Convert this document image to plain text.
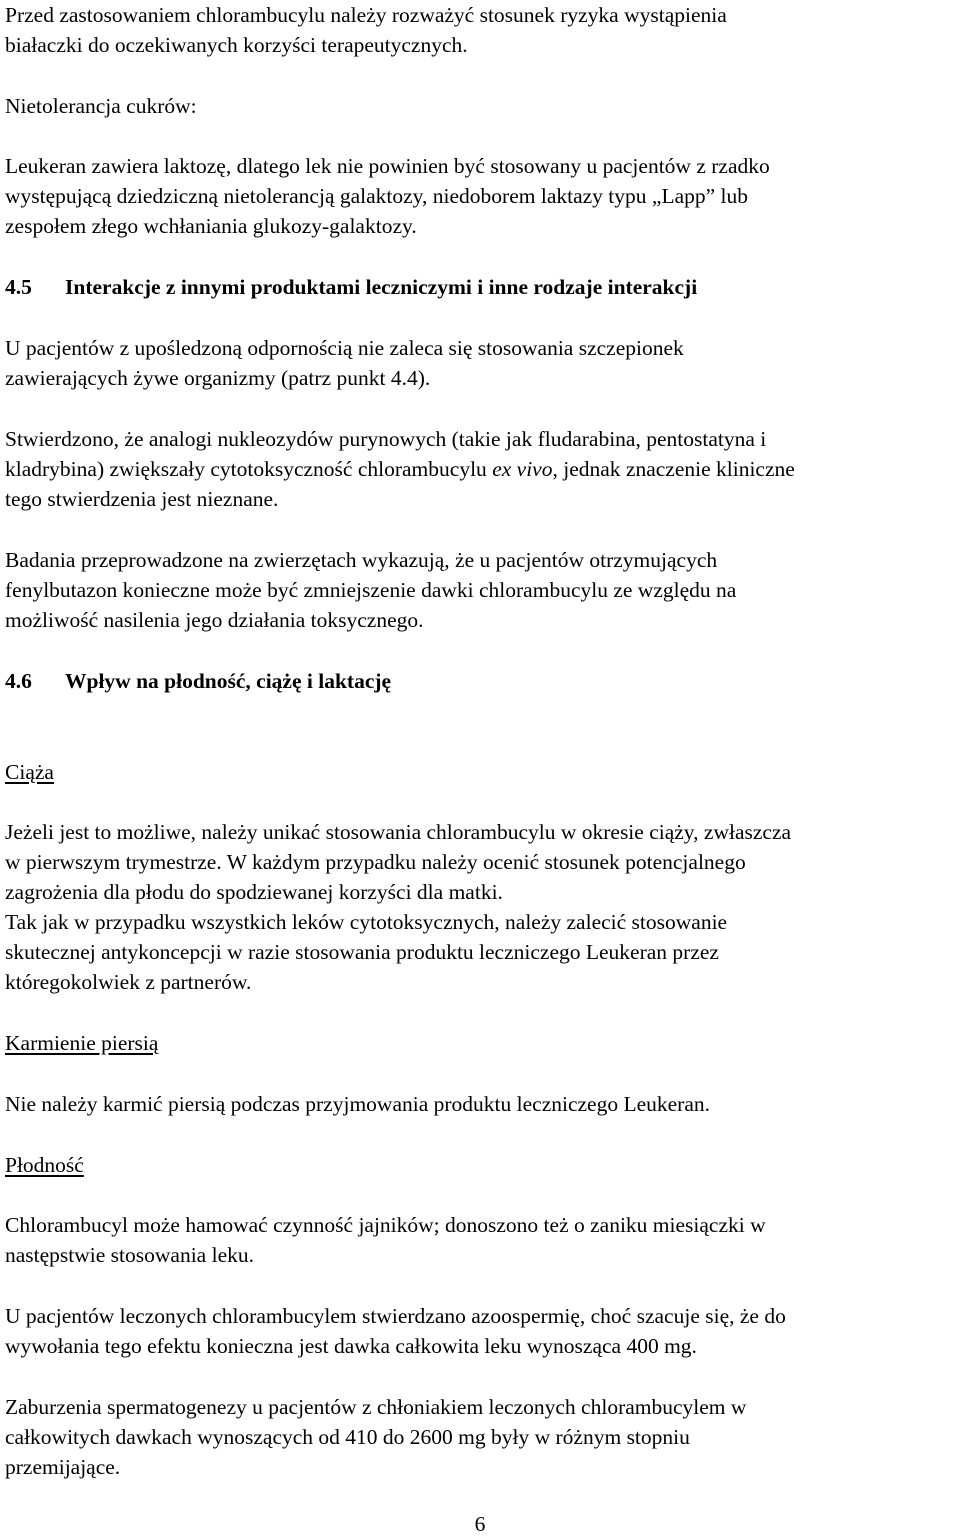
Przed zastosowaniem chlorambucylu należy rozważyć stosunek ryzyka wystąpienia
białaczki do oczekiwanych korzyści terapeutycznych.
Nietolerancja cukrów:
Leukeran zawiera laktozę, dlatego lek nie powinien być stosowany u pacjentów z rzadko
występującą dziedziczną nietolerancją galaktozy, niedoborem laktazy typu „Lapp” lub
zespołem złego wchłaniania glukozy-galaktozy.
4.5 Interakcje z innymi produktami leczniczymi i inne rodzaje interakcji
U pacjentów z upośledzoną odpornością nie zaleca się stosowania szczepionek
zawierających żywe organizmy (patrz punkt 4.4).
Stwierdzono, że analogi nukleozydów purynowych (takie jak fludarabina, pentostatyna i
kladrybina) zwiększały cytotoksyczność chlorambucylu ex vivo, jednak znaczenie kliniczne
tego stwierdzenia jest nieznane.
Badania przeprowadzone na zwierzętach wykazują, że u pacjentów otrzymujących
fenylbutazon konieczne może być zmniejszenie dawki chlorambucylu ze względu na
możliwość nasilenia jego działania toksycznego.
4.6 Wpływ na płodność, ciążę i laktację
Ciąża
Jeżeli jest to możliwe, należy unikać stosowania chlorambucylu w okresie ciąży, zwłaszcza
w pierwszym trymestrze. W każdym przypadku należy ocenić stosunek potencjalnego
zagrożenia dla płodu do spodziewanej korzyści dla matki.
Tak jak w przypadku wszystkich leków cytotoksycznych, należy zalecić stosowanie
skutecznej antykoncepcji w razie stosowania produktu leczniczego Leukeran przez
któregokolwiek z partnerów.
Karmienie piersią
Nie należy karmić piersią podczas przyjmowania produktu leczniczego Leukeran.
Płodność
Chlorambucyl może hamować czynność jajników; donoszono też o zaniku miesiączki w
następstwie stosowania leku.
U pacjentów leczonych chlorambucylem stwierdzano azoospermię, choć szacuje się, że do
wywołania tego efektu konieczna jest dawka całkowita leku wynosząca 400 mg.
Zaburzenia spermatogenezy u pacjentów z chłoniakiem leczonych chlorambucylem w
całkowitych dawkach wynoszących od 410 do 2600 mg były w różnym stopniu
przemijające.
6
